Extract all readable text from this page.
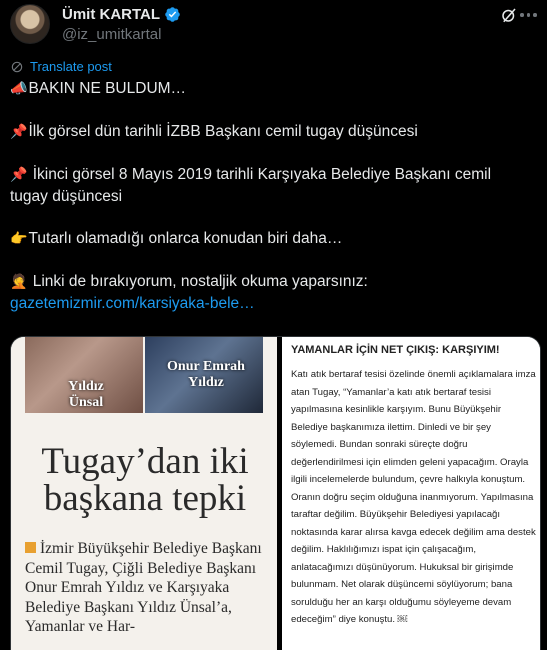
Ümit KARTAL
@iz_umitkartal
Translate post

📣BAKIN NE BULDUM…

📌İlk görsel dün tarihli İZBB Başkanı cemil tugay düşüncesi

📌 İkinci görsel 8 Mayıs 2019 tarihli Karşıyaka Belediye Başkanı cemil tugay düşüncesi

👉Tutarlı olamadığı onlarca konudan biri daha…

🤦 Linki de bırakıyorum, nostaljik okuma yaparsınız:

gazetemizmir.com/karsiyaka-bele…

Yıldız Ünsal
Onur Emrah Yıldız
Tugay’dan iki başkana tepki
İzmir Büyükşehir Belediye Başkanı Cemil Tugay, Çiğli Belediye Başkanı Onur Emrah Yıldız ve Karşıyaka Belediye Başkanı Yıldız Ünsal’a, Yamanlar ve Har-
YAMANLAR İÇİN NET ÇIKIŞ: KARŞIYIM!
Katı atık bertaraf tesisi özelinde önemli açıklamalara imza atan Tugay, “Yamanlar’a katı atık bertaraf tesisi yapılmasına kesinlikle karşıyım. Bunu Büyükşehir Belediye başkanımıza ilettim. Dinledi ve bir şey söylemedi. Bundan sonraki süreçte doğru değerlendirilmesi için elimden geleni yapacağım. Orayla ilgili incelemelerde bulundum, çevre halkıyla konuştum. Oranın doğru seçim olduğuna inanmıyorum. Yapılmasına taraftar değilim. Büyükşehir Belediyesi yapılacağı noktasında karar alırsa kavga edecek değilim ama destek değilim. Haklılığımızı ispat için çalışacağım, anlatacağımızı düşünüyorum. Hukuksal bir girişimde bulunmam. Net olarak düşüncemi söylüyorum; bana sorulduğu her an karşı olduğumu söyleyeme devam edeceğim” diye konuştu. ￼
